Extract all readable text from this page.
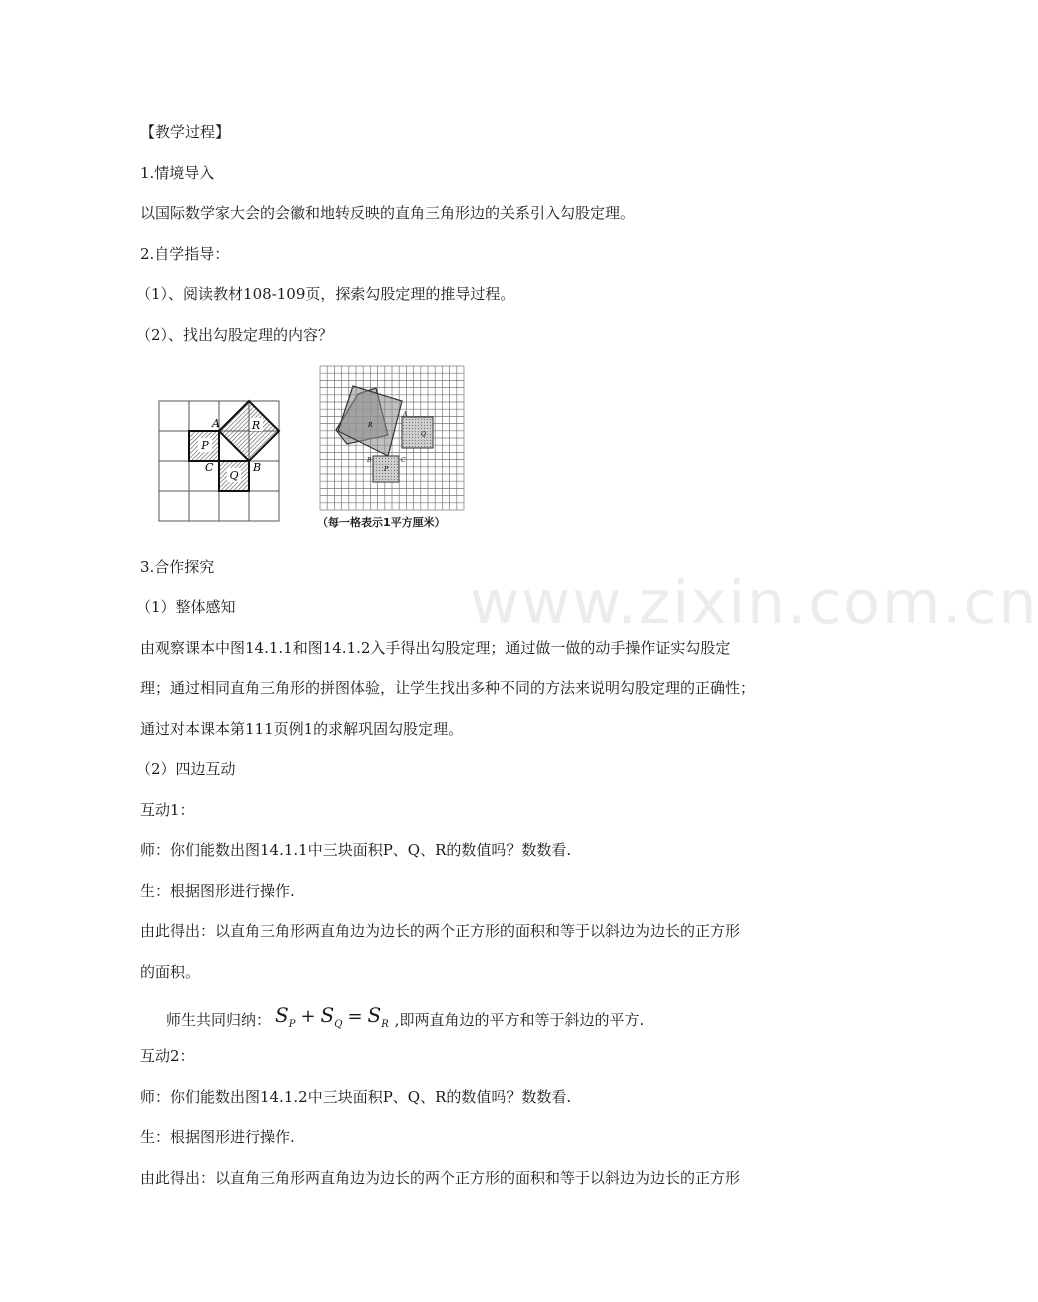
www.zixin.com.cn
【教学过程】
1.情境导入
以国际数学家大会的会徽和地转反映的直角三角形边的关系引入勾股定理。
2.自学指导：
（1）、阅读教材108-109页，探索勾股定理的推导过程。
（2）、找出勾股定理的内容？
P
Q
R
A
C	B
R
Q
P
A
B	C
（每一格表示1平方厘米）
3.合作探究
（1）整体感知
由观察课本中图14.1.1和图14.1.2入手得出勾股定理；通过做一做的动手操作证实勾股定
理；通过相同直角三角形的拼图体验，让学生找出多种不同的方法来说明勾股定理的正确性；
通过对本课本第111页例1的求解巩固勾股定理。
（2）四边互动
互动1：
师：你们能数出图14.1.1中三块面积P、Q、R的数值吗？数数看.
生：根据图形进行操作.
由此得出：以直角三角形两直角边为边长的两个正方形的面积和等于以斜边为边长的正方形
的面积。
师生共同归纳： $S_P + S_Q = S_R$ ,即两直角边的平方和等于斜边的平方.
互动2：
师：你们能数出图14.1.2中三块面积P、Q、R的数值吗？数数看.
生：根据图形进行操作.
由此得出：以直角三角形两直角边为边长的两个正方形的面积和等于以斜边为边长的正方形
